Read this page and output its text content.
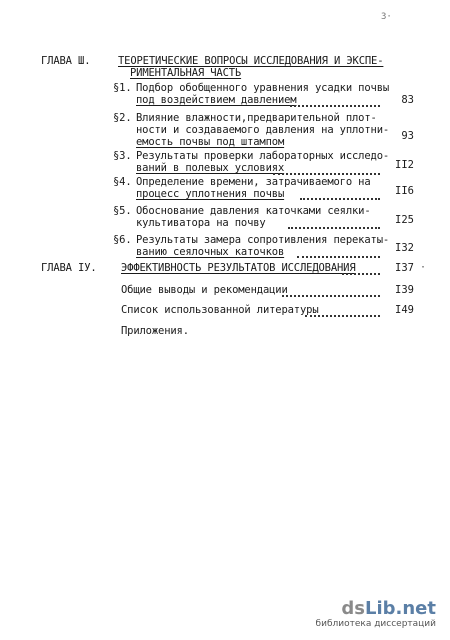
3·
ГЛАВА Ш.	ТЕОРЕТИЧЕСКИЕ ВОПРОСЫ ИССЛЕДОВАНИЯ И ЭКСПЕ-
РИМЕНТАЛЬНАЯ ЧАСТЬ
§1. Подбор обобщенного уравнения усадки почвы
под воздействием давлением	83
§2. Влияние влажности,предварительной плот-
ности и создаваемого давления на уплотни-
емость почвы под штампом	93
§3. Результаты проверки лабораторных исследо-
ваний в полевых условиях	II2
§4. Определение времени, затрачиваемого на
процесс уплотнения почвы	II6
§5. Обоснование давления каточками сеялки-
культиватора на почву	I25
§6. Результаты замера сопротивления перекаты-
ванию сеялочных каточков	I32
ГЛАВА IУ. ЭФФЕКТИВНОСТЬ РЕЗУЛЬТАТОВ ИССЛЕДОВАНИЯ	I37 ·
Общие выводы и рекомендации	I39
Список использованной литературы	I49
Приложения.
dsLib.net
библиотека диссертаций
